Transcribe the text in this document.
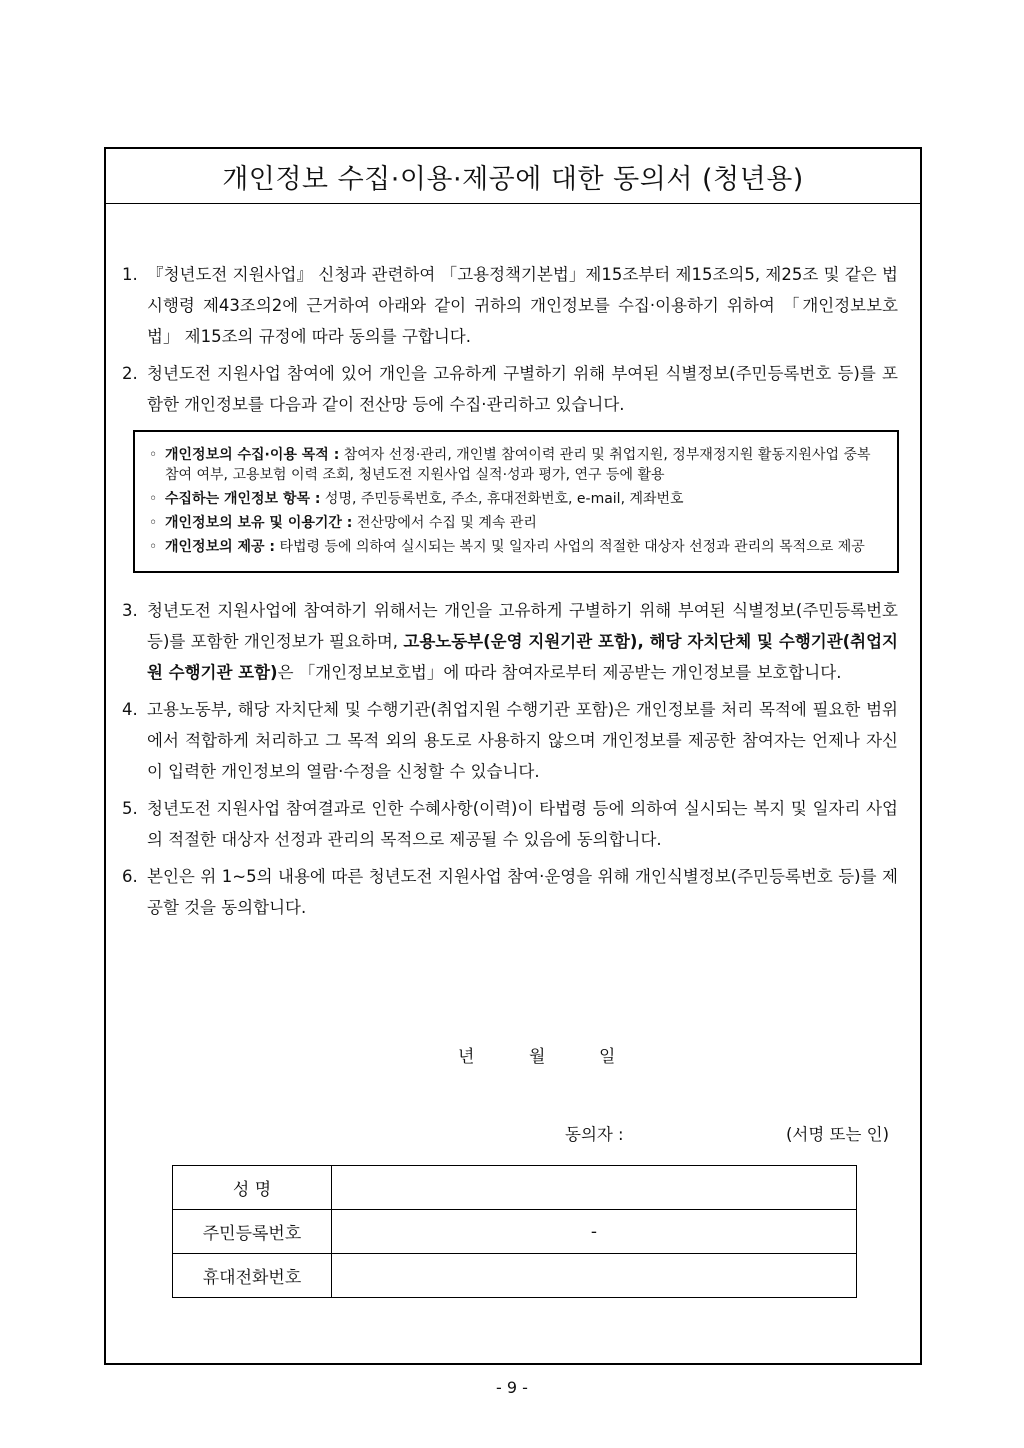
개인정보 수집·이용·제공에 대한 동의서 (청년용)

1. 『청년도전 지원사업』 신청과 관련하여 「고용정책기본법」제15조부터 제15조의5, 제25조 및 같은 법 시행령 제43조의2에 근거하여 아래와 같이 귀하의 개인정보를 수집·이용하기 위하여 「개인정보보호법」 제15조의 규정에 따라 동의를 구합니다.

2. 청년도전 지원사업 참여에 있어 개인을 고유하게 구별하기 위해 부여된 식별정보(주민등록번호 등)를 포함한 개인정보를 다음과 같이 전산망 등에 수집·관리하고 있습니다.

◦ 개인정보의 수집·이용 목적 : 참여자 선정·관리, 개인별 참여이력 관리 및 취업지원, 정부재정지원 활동지원사업 중복참여 여부, 고용보험 이력 조회, 청년도전 지원사업 실적·성과 평가, 연구 등에 활용
◦ 수집하는 개인정보 항목 : 성명, 주민등록번호, 주소, 휴대전화번호, e-mail, 계좌번호
◦ 개인정보의 보유 및 이용기간 : 전산망에서 수집 및 계속 관리
◦ 개인정보의 제공 : 타법령 등에 의하여 실시되는 복지 및 일자리 사업의 적절한 대상자 선정과 관리의 목적으로 제공

3. 청년도전 지원사업에 참여하기 위해서는 개인을 고유하게 구별하기 위해 부여된 식별정보(주민등록번호 등)를 포함한 개인정보가 필요하며, 고용노동부(운영 지원기관 포함), 해당 자치단체 및 수행기관(취업지원 수행기관 포함)은 「개인정보보호법」에 따라 참여자로부터 제공받는 개인정보를 보호합니다.

4. 고용노동부, 해당 자치단체 및 수행기관(취업지원 수행기관 포함)은 개인정보를 처리 목적에 필요한 범위에서 적합하게 처리하고 그 목적 외의 용도로 사용하지 않으며 개인정보를 제공한 참여자는 언제나 자신이 입력한 개인정보의 열람·수정을 신청할 수 있습니다.

5. 청년도전 지원사업 참여결과로 인한 수혜사항(이력)이 타법령 등에 의하여 실시되는 복지 및 일자리 사업의 적절한 대상자 선정과 관리의 목적으로 제공될 수 있음에 동의합니다.

6. 본인은 위 1~5의 내용에 따른 청년도전 지원사업 참여·운영을 위해 개인식별정보(주민등록번호 등)를 제공할 것을 동의합니다.

년	월	일
동의자 :	(서명 또는 인)
성 명	
주민등록번호	-
휴대전화번호	
- 9 -
